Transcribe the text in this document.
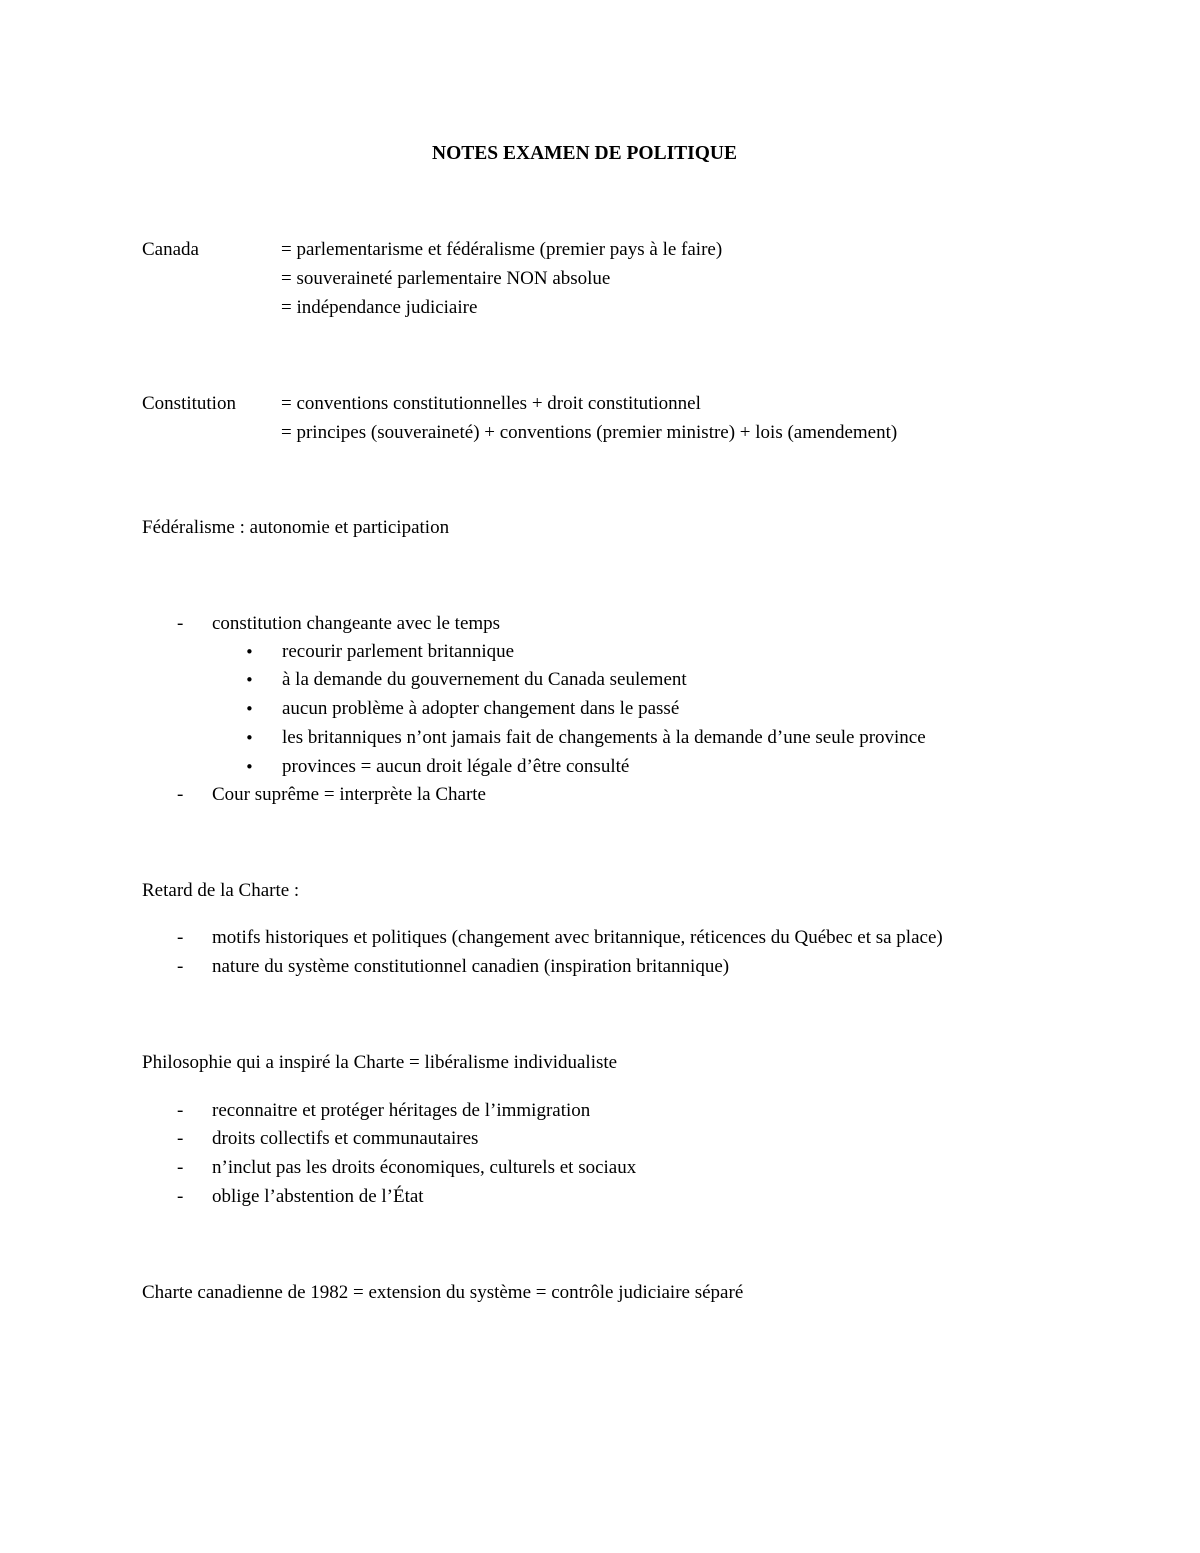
NOTES EXAMEN DE POLITIQUE
Canada	= parlementarisme et fédéralisme (premier pays à le faire)
= souveraineté parlementaire NON absolue
= indépendance judiciaire
Constitution = conventions constitutionnelles + droit constitutionnel
= principes (souveraineté) + conventions (premier ministre) + lois (amendement)
Fédéralisme : autonomie et participation
- constitution changeante avec le temps
• recourir parlement britannique
• à la demande du gouvernement du Canada seulement
• aucun problème à adopter changement dans le passé
• les britanniques n’ont jamais fait de changements à la demande d’une seule province
• provinces = aucun droit légale d’être consulté
- Cour suprême = interprète la Charte
Retard de la Charte :
- motifs historiques et politiques (changement avec britannique, réticences du Québec et sa place)
- nature du système constitutionnel canadien (inspiration britannique)
Philosophie qui a inspiré la Charte = libéralisme individualiste
- reconnaitre et protéger héritages de l’immigration
- droits collectifs et communautaires
- n’inclut pas les droits économiques, culturels et sociaux
- oblige l’abstention de l’État
Charte canadienne de 1982 = extension du système = contrôle judiciaire séparé
